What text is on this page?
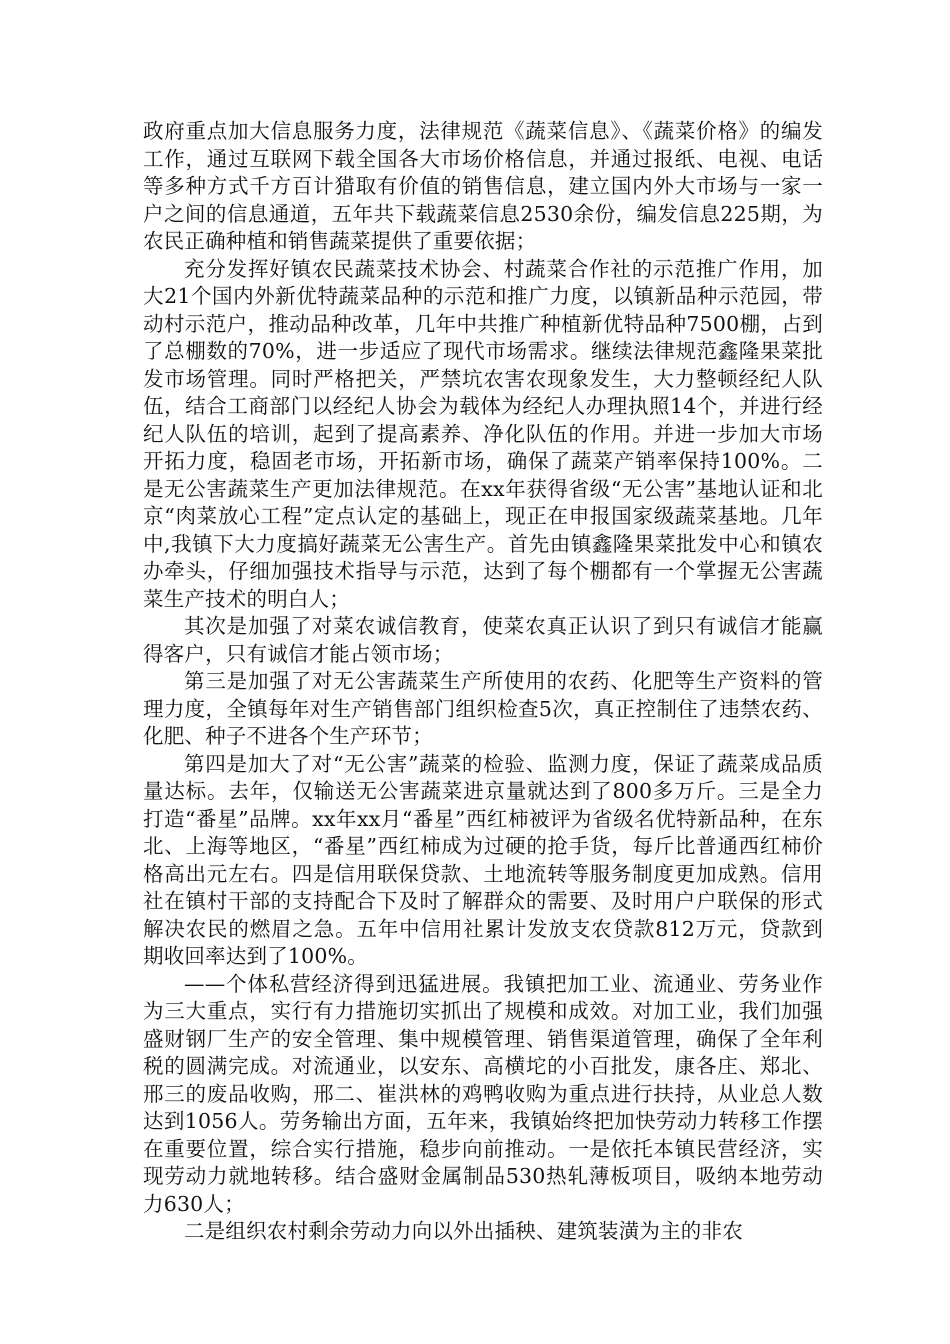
政府重点加大信息服务力度，法律规范《蔬菜信息》、《蔬菜价格》的编发工作，通过互联网下载全国各大市场价格信息，并通过报纸、电视、电话等多种方式千方百计猎取有价值的销售信息，建立国内外大市场与一家一户之间的信息通道，五年共下载蔬菜信息2530余份，编发信息225期，为农民正确种植和销售蔬菜提供了重要依据；

充分发挥好镇农民蔬菜技术协会、村蔬菜合作社的示范推广作用，加大21个国内外新优特蔬菜品种的示范和推广力度，以镇新品种示范园，带动村示范户，推动品种改革，几年中共推广种植新优特品种7500棚，占到了总棚数的70%，进一步适应了现代市场需求。继续法律规范鑫隆果菜批发市场管理。同时严格把关，严禁坑农害农现象发生，大力整顿经纪人队伍，结合工商部门以经纪人协会为载体为经纪人办理执照14个，并进行经纪人队伍的培训，起到了提高素养、净化队伍的作用。并进一步加大市场开拓力度，稳固老市场，开拓新市场，确保了蔬菜产销率保持100%。二是无公害蔬菜生产更加法律规范。在xx年获得省级“无公害”基地认证和北京“肉菜放心工程”定点认定的基础上，现正在申报国家级蔬菜基地。几年中,我镇下大力度搞好蔬菜无公害生产。首先由镇鑫隆果菜批发中心和镇农办牵头，仔细加强技术指导与示范，达到了每个棚都有一个掌握无公害蔬菜生产技术的明白人；

其次是加强了对菜农诚信教育，使菜农真正认识了到只有诚信才能赢得客户，只有诚信才能占领市场；

第三是加强了对无公害蔬菜生产所使用的农药、化肥等生产资料的管理力度，全镇每年对生产销售部门组织检查5次，真正控制住了违禁农药、化肥、种子不进各个生产环节；

第四是加大了对“无公害”蔬菜的检验、监测力度，保证了蔬菜成品质量达标。去年，仅输送无公害蔬菜进京量就达到了800多万斤。三是全力打造“番星”品牌。xx年xx月“番星”西红柿被评为省级名优特新品种，在东北、上海等地区，“番星”西红柿成为过硬的抢手货，每斤比普通西红柿价格高出元左右。四是信用联保贷款、土地流转等服务制度更加成熟。信用社在镇村干部的支持配合下及时了解群众的需要、及时用户户联保的形式解决农民的燃眉之急。五年中信用社累计发放支农贷款812万元，贷款到期收回率达到了100%。

——个体私营经济得到迅猛进展。我镇把加工业、流通业、劳务业作为三大重点，实行有力措施切实抓出了规模和成效。对加工业，我们加强盛财钢厂生产的安全管理、集中规模管理、销售渠道管理，确保了全年利税的圆满完成。对流通业，以安东、高横坨的小百批发，康各庄、郑北、邢三的废品收购，邢二、崔洪林的鸡鸭收购为重点进行扶持，从业总人数达到1056人。劳务输出方面，五年来，我镇始终把加快劳动力转移工作摆在重要位置，综合实行措施，稳步向前推动。一是依托本镇民营经济，实现劳动力就地转移。结合盛财金属制品530热轧薄板项目，吸纳本地劳动力630人；

二是组织农村剩余劳动力向以外出插秧、建筑装潢为主的非农
